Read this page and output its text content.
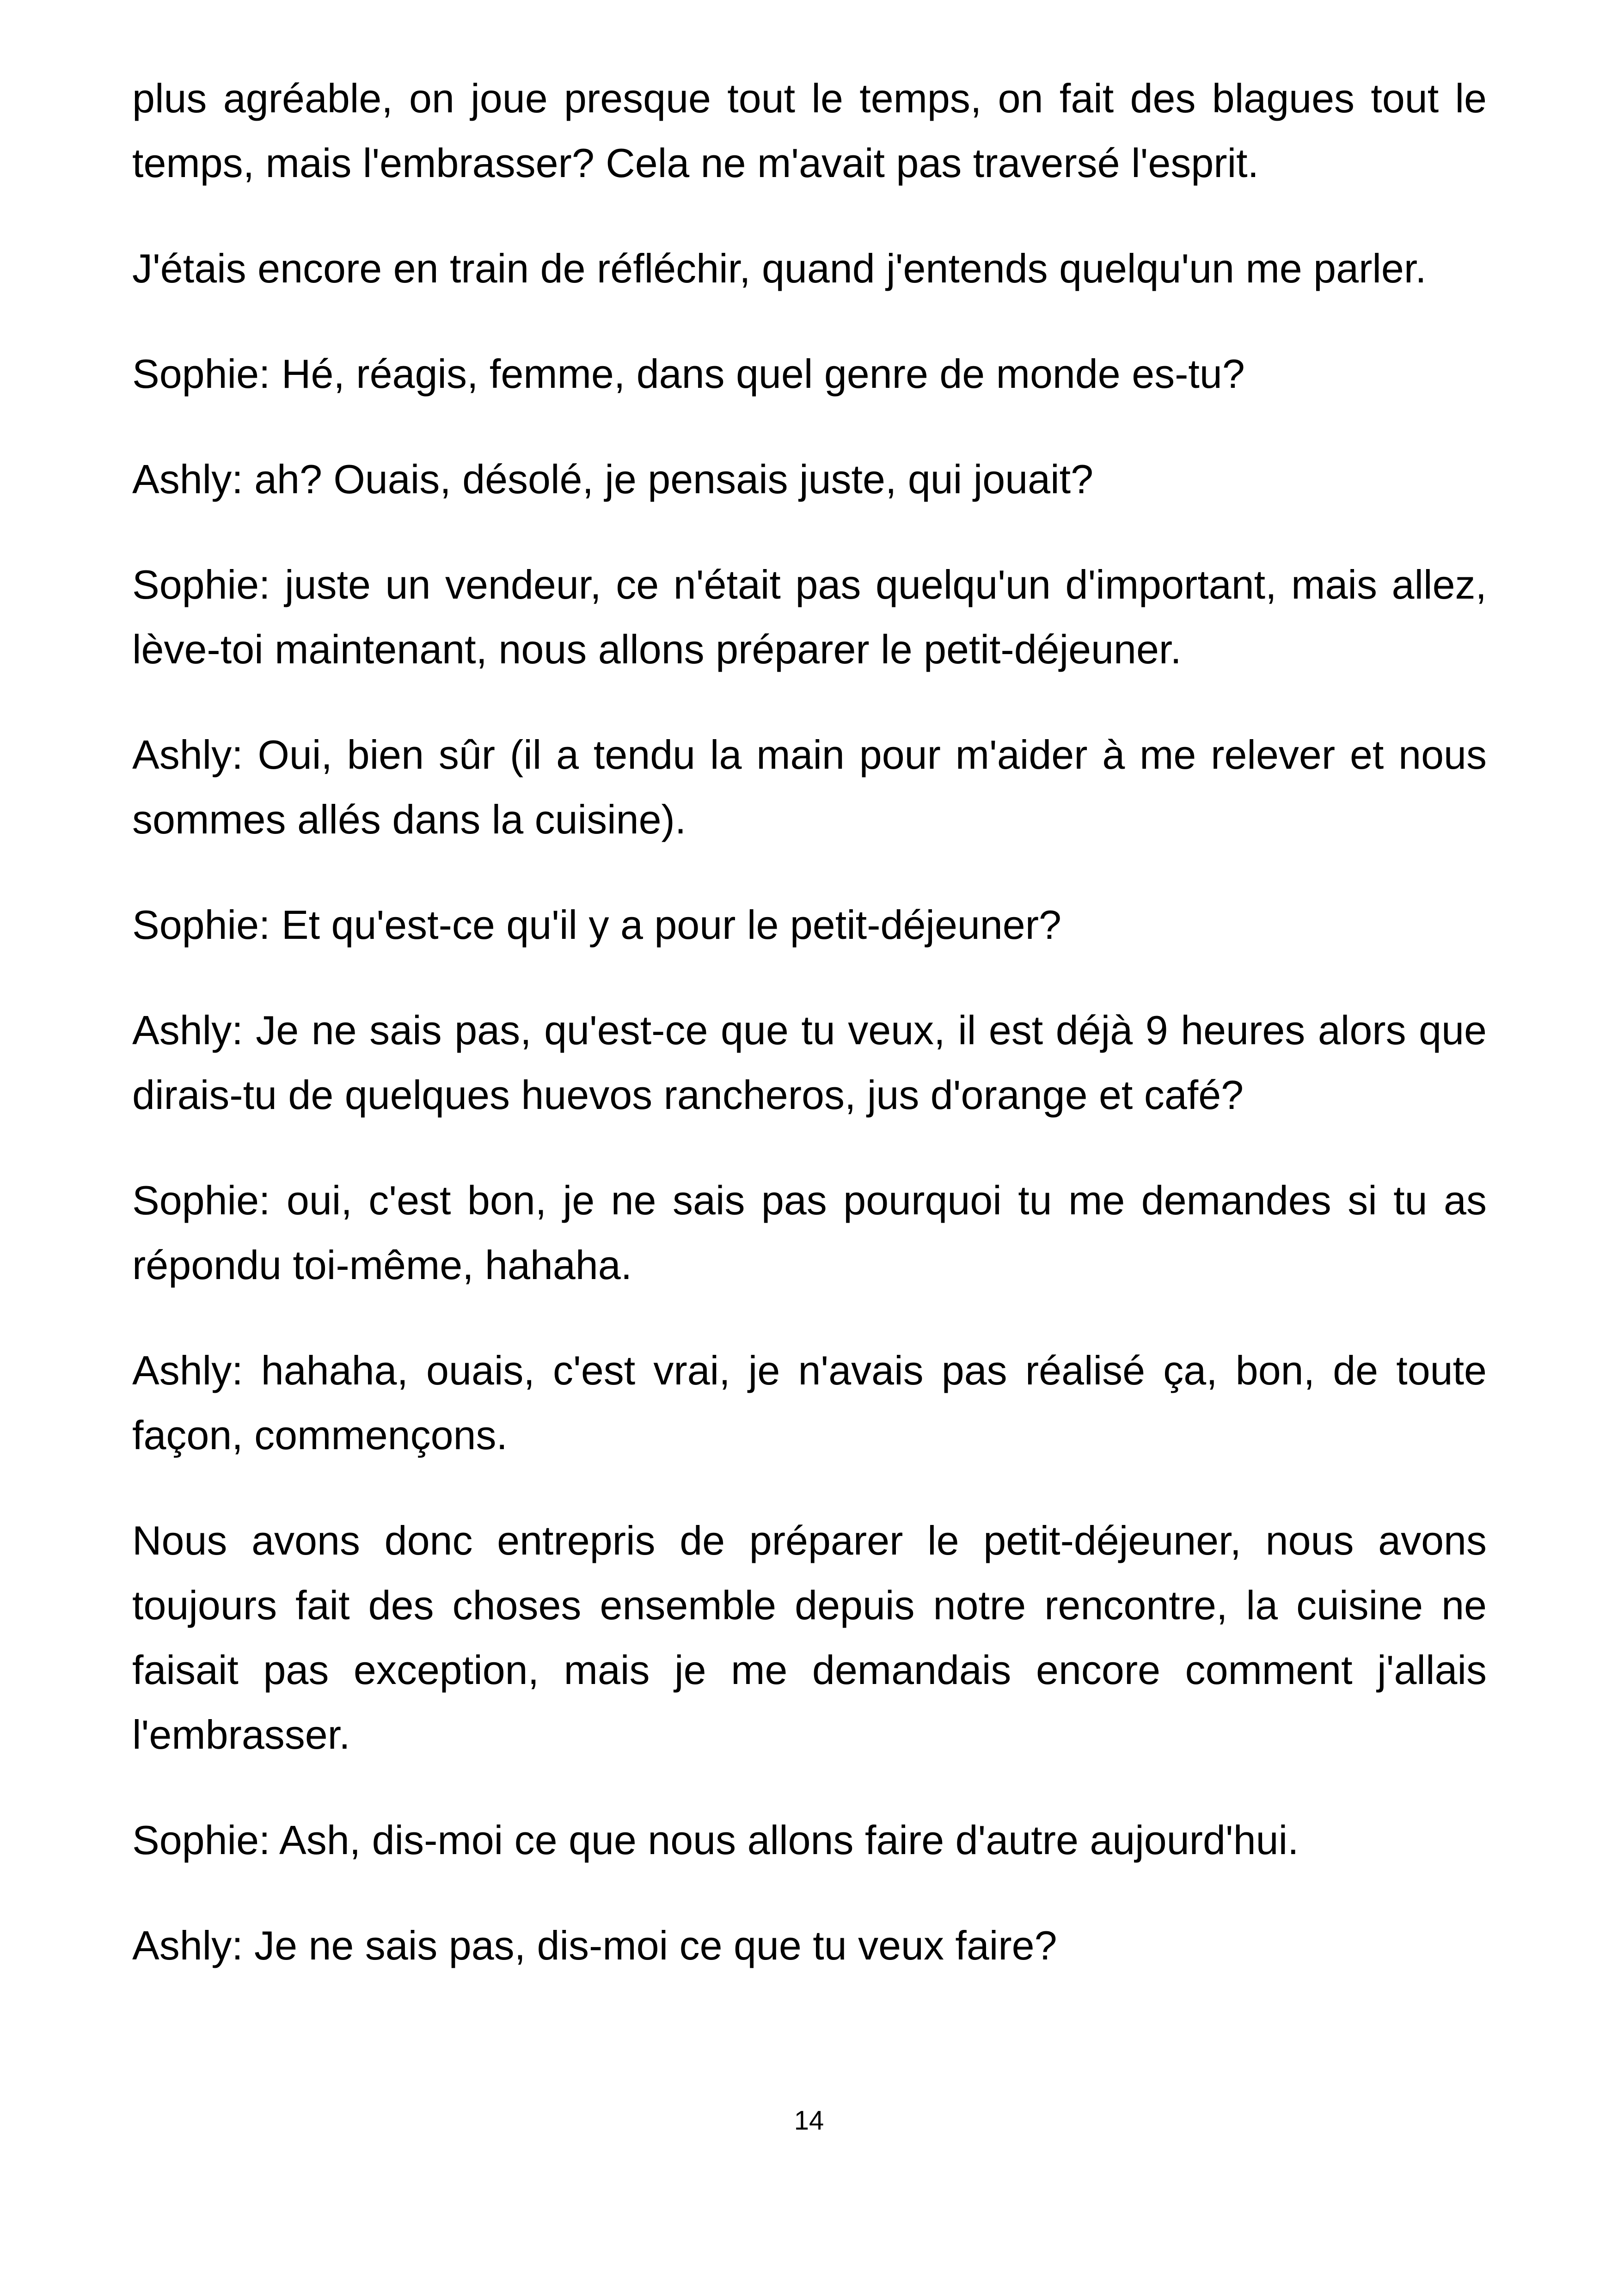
plus agréable, on joue presque tout le temps, on fait des blagues tout le temps, mais l'embrasser? Cela ne m'avait pas traversé l'esprit.

J'étais encore en train de réfléchir, quand j'entends quelqu'un me parler.

Sophie: Hé, réagis, femme, dans quel genre de monde es-tu?

Ashly: ah? Ouais, désolé, je pensais juste, qui jouait?

Sophie: juste un vendeur, ce n'était pas quelqu'un d'important, mais allez, lève-toi maintenant, nous allons préparer le petit-déjeuner.

Ashly: Oui, bien sûr (il a tendu la main pour m'aider à me relever et nous sommes allés dans la cuisine).

Sophie: Et qu'est-ce qu'il y a pour le petit-déjeuner?

Ashly: Je ne sais pas, qu'est-ce que tu veux, il est déjà 9 heures alors que dirais-tu de quelques huevos rancheros, jus d'orange et café?

Sophie: oui, c'est bon, je ne sais pas pourquoi tu me demandes si tu as répondu toi-même, hahaha.

Ashly: hahaha, ouais, c'est vrai, je n'avais pas réalisé ça, bon, de toute façon, commençons.

Nous avons donc entrepris de préparer le petit-déjeuner, nous avons toujours fait des choses ensemble depuis notre rencontre, la cuisine ne faisait pas exception, mais je me demandais encore comment j'allais l'embrasser.

Sophie: Ash, dis-moi ce que nous allons faire d'autre aujourd'hui.

Ashly: Je ne sais pas, dis-moi ce que tu veux faire?

14
